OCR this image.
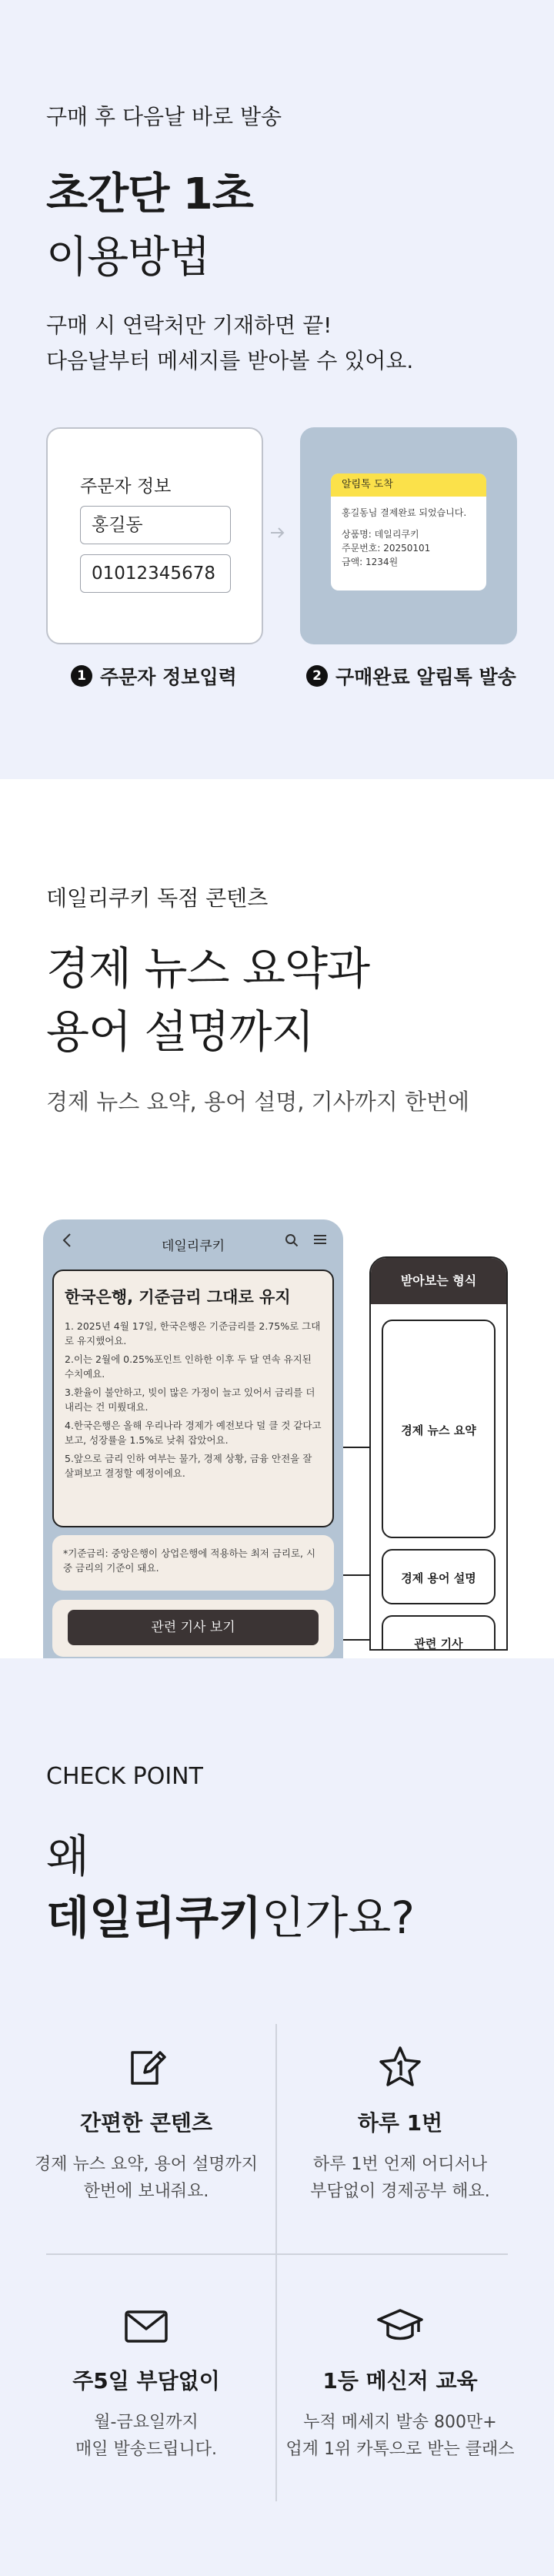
구매 후 다음날 바로 발송
초간단 1초
이용방법
구매 시 연락처만 기재하면 끝!
다음날부터 메세지를 받아볼 수 있어요.
주문자 정보
홍길동
01012345678
알림톡 도착
홍길동님 결제완료 되었습니다.
상품명: 데일리쿠키
주문번호: 20250101
금액: 1234원
1 주문자 정보입력	2 구매완료 알림톡 발송
데일리쿠키 독점 콘텐츠
경제 뉴스 요약과
용어 설명까지
경제 뉴스 요약, 용어 설명, 기사까지 한번에
데일리쿠키
한국은행, 기준금리 그대로 유지
1. 2025년 4월 17일, 한국은행은 기준금리를 2.75%로 그대로 유지했어요.
2.이는 2월에 0.25%포인트 인하한 이후 두 달 연속 유지된 수치예요.
3.환율이 불안하고, 빚이 많은 가정이 늘고 있어서 금리를 더 내리는 건 미뤘대요.
4.한국은행은 올해 우리나라 경제가 예전보다 덜 클 것 같다고 보고, 성장률을 1.5%로 낮춰 잡았어요.
5.앞으로 금리 인하 여부는 물가, 경제 상황, 금융 안전을 잘 살펴보고 결정할 예정이에요.
*기준금리: 중앙은행이 상업은행에 적용하는 최저 금리로, 시중 금리의 기준이 돼요.
관련 기사 보기
받아보는 형식
경제 뉴스 요약
경제 용어 설명
관련 기사
CHECK POINT
왜
데일리쿠키인가요?
간편한 콘텐츠
경제 뉴스 요약, 용어 설명까지
한번에 보내줘요.
하루 1번
하루 1번 언제 어디서나
부담없이 경제공부 해요.
주5일 부담없이
월-금요일까지
매일 발송드립니다.
1등 메신저 교육
누적 메세지 발송 800만+
업계 1위 카톡으로 받는 클래스
